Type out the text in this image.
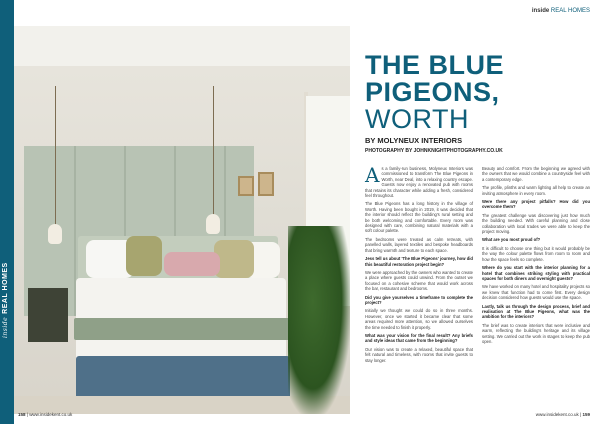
insideREAL HOMES
inside REAL HOMES
THE BLUE
PIGEONS,
WORTH
BY MOLYNEUX INTERIORS
PHOTOGRAPHY BY JOHNKNIGHTPHOTOGRAPHY.CO.UK

As a family-run business, Molyneux Interiors was commissioned to transform The Blue Pigeons in Worth, near Deal, into a relaxing country escape. Guests now enjoy a renovated pub with rooms that retains its character while adding a fresh, considered feel throughout.

The Blue Pigeons has a long history in the village of Worth. Having been bought in 2019, it was decided that the interior should reflect the building's rural setting and be both welcoming and comfortable. Every room was designed with care, combining natural materials with a soft colour palette.

The bedrooms were treated as calm retreats, with panelled walls, layered textiles and bespoke headboards that bring warmth and texture to each space.

Jess tell us about 'The Blue Pigeons' journey, how did this beautiful restoration project begin?

We were approached by the owners who wanted to create a place where guests could unwind. From the outset we focused on a cohesive scheme that would work across the bar, restaurant and bedrooms.

Did you give yourselves a timeframe to complete the project?

Initially we thought we could do so in three months. However, once we started it became clear that some areas required more attention, so we allowed ourselves the time needed to finish it properly.

What was your vision for the final result? Any briefs and style ideas that came from the beginning?

Our vision was to create a relaxed, beautiful space that felt natural and timeless, with rooms that invite guests to stay longer.

Beauty and comfort. From the beginning we agreed with the owners that we would combine a countryside feel with a contemporary edge.

The profile, plinths and warm lighting all help to create an inviting atmosphere in every room.

Were there any project pitfalls? How did you overcome them?

The greatest challenge was discovering just how much the building needed. With careful planning and close collaboration with local trades we were able to keep the project moving.

What are you most proud of?

It is difficult to choose one thing but it would probably be the way the colour palette flows from room to room and how the space feels so complete.

Where do you start with the interior planning for a hotel that combines striking styling with practical spaces for both diners and overnight guests?

We have worked on many hotel and hospitality projects so we knew that function had to come first. Every design decision considered how guests would use the space.

Lastly, talk us through the design process, brief and realisation at The Blue Pigeons, what was the ambition for the interiors?

The brief was to create interiors that were inclusive and warm, reflecting the building's heritage and its village setting. We carried out the work in stages to keep the pub open.

158 | www.insidekent.co.uk	www.insidekent.co.uk | 159
